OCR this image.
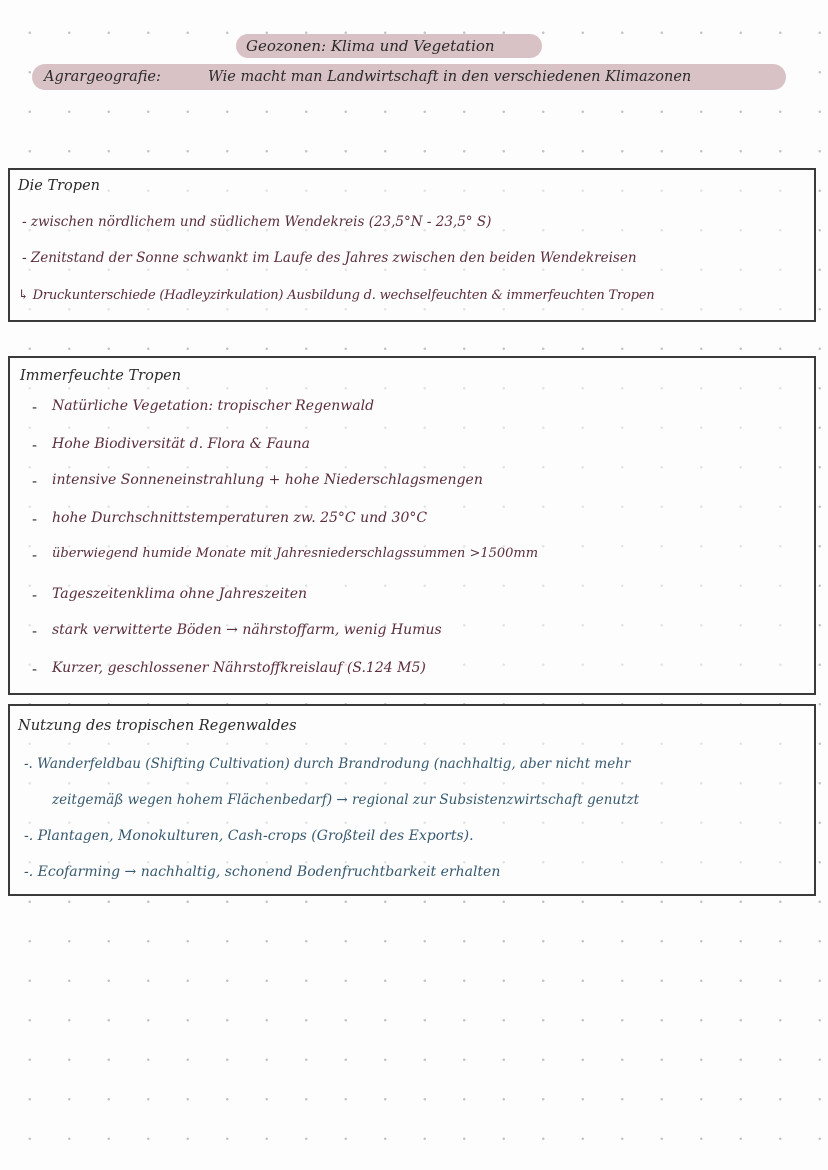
Geozonen: Klima und Vegetation
Agrargeografie:	Wie macht man Landwirtschaft in den verschiedenen Klimazonen
Die Tropen
- zwischen nördlichem und südlichem Wendekreis (23,5°N - 23,5° S)
- Zenitstand der Sonne schwankt im Laufe des Jahres zwischen den beiden Wendekreisen
↳ Druckunterschiede (Hadleyzirkulation) Ausbildung d. wechselfeuchten & immerfeuchten Tropen
Immerfeuchte Tropen
- Natürliche Vegetation: tropischer Regenwald
- Hohe Biodiversität d. Flora & Fauna
- intensive Sonneneinstrahlung + hohe Niederschlagsmengen
- hohe Durchschnittstemperaturen zw. 25°C und 30°C
- überwiegend humide Monate mit Jahresniederschlagssummen >1500mm
- Tageszeitenklima ohne Jahreszeiten
- stark verwitterte Böden → nährstoffarm, wenig Humus
- Kurzer, geschlossener Nährstoffkreislauf (S.124 M5)
Nutzung des tropischen Regenwaldes
-. Wanderfeldbau (Shifting Cultivation) durch Brandrodung (nachhaltig, aber nicht mehr
zeitgemäß wegen hohem Flächenbedarf) → regional zur Subsistenzwirtschaft genutzt
-. Plantagen, Monokulturen, Cash-crops (Großteil des Exports).
-. Ecofarming → nachhaltig, schonend Bodenfruchtbarkeit erhalten
